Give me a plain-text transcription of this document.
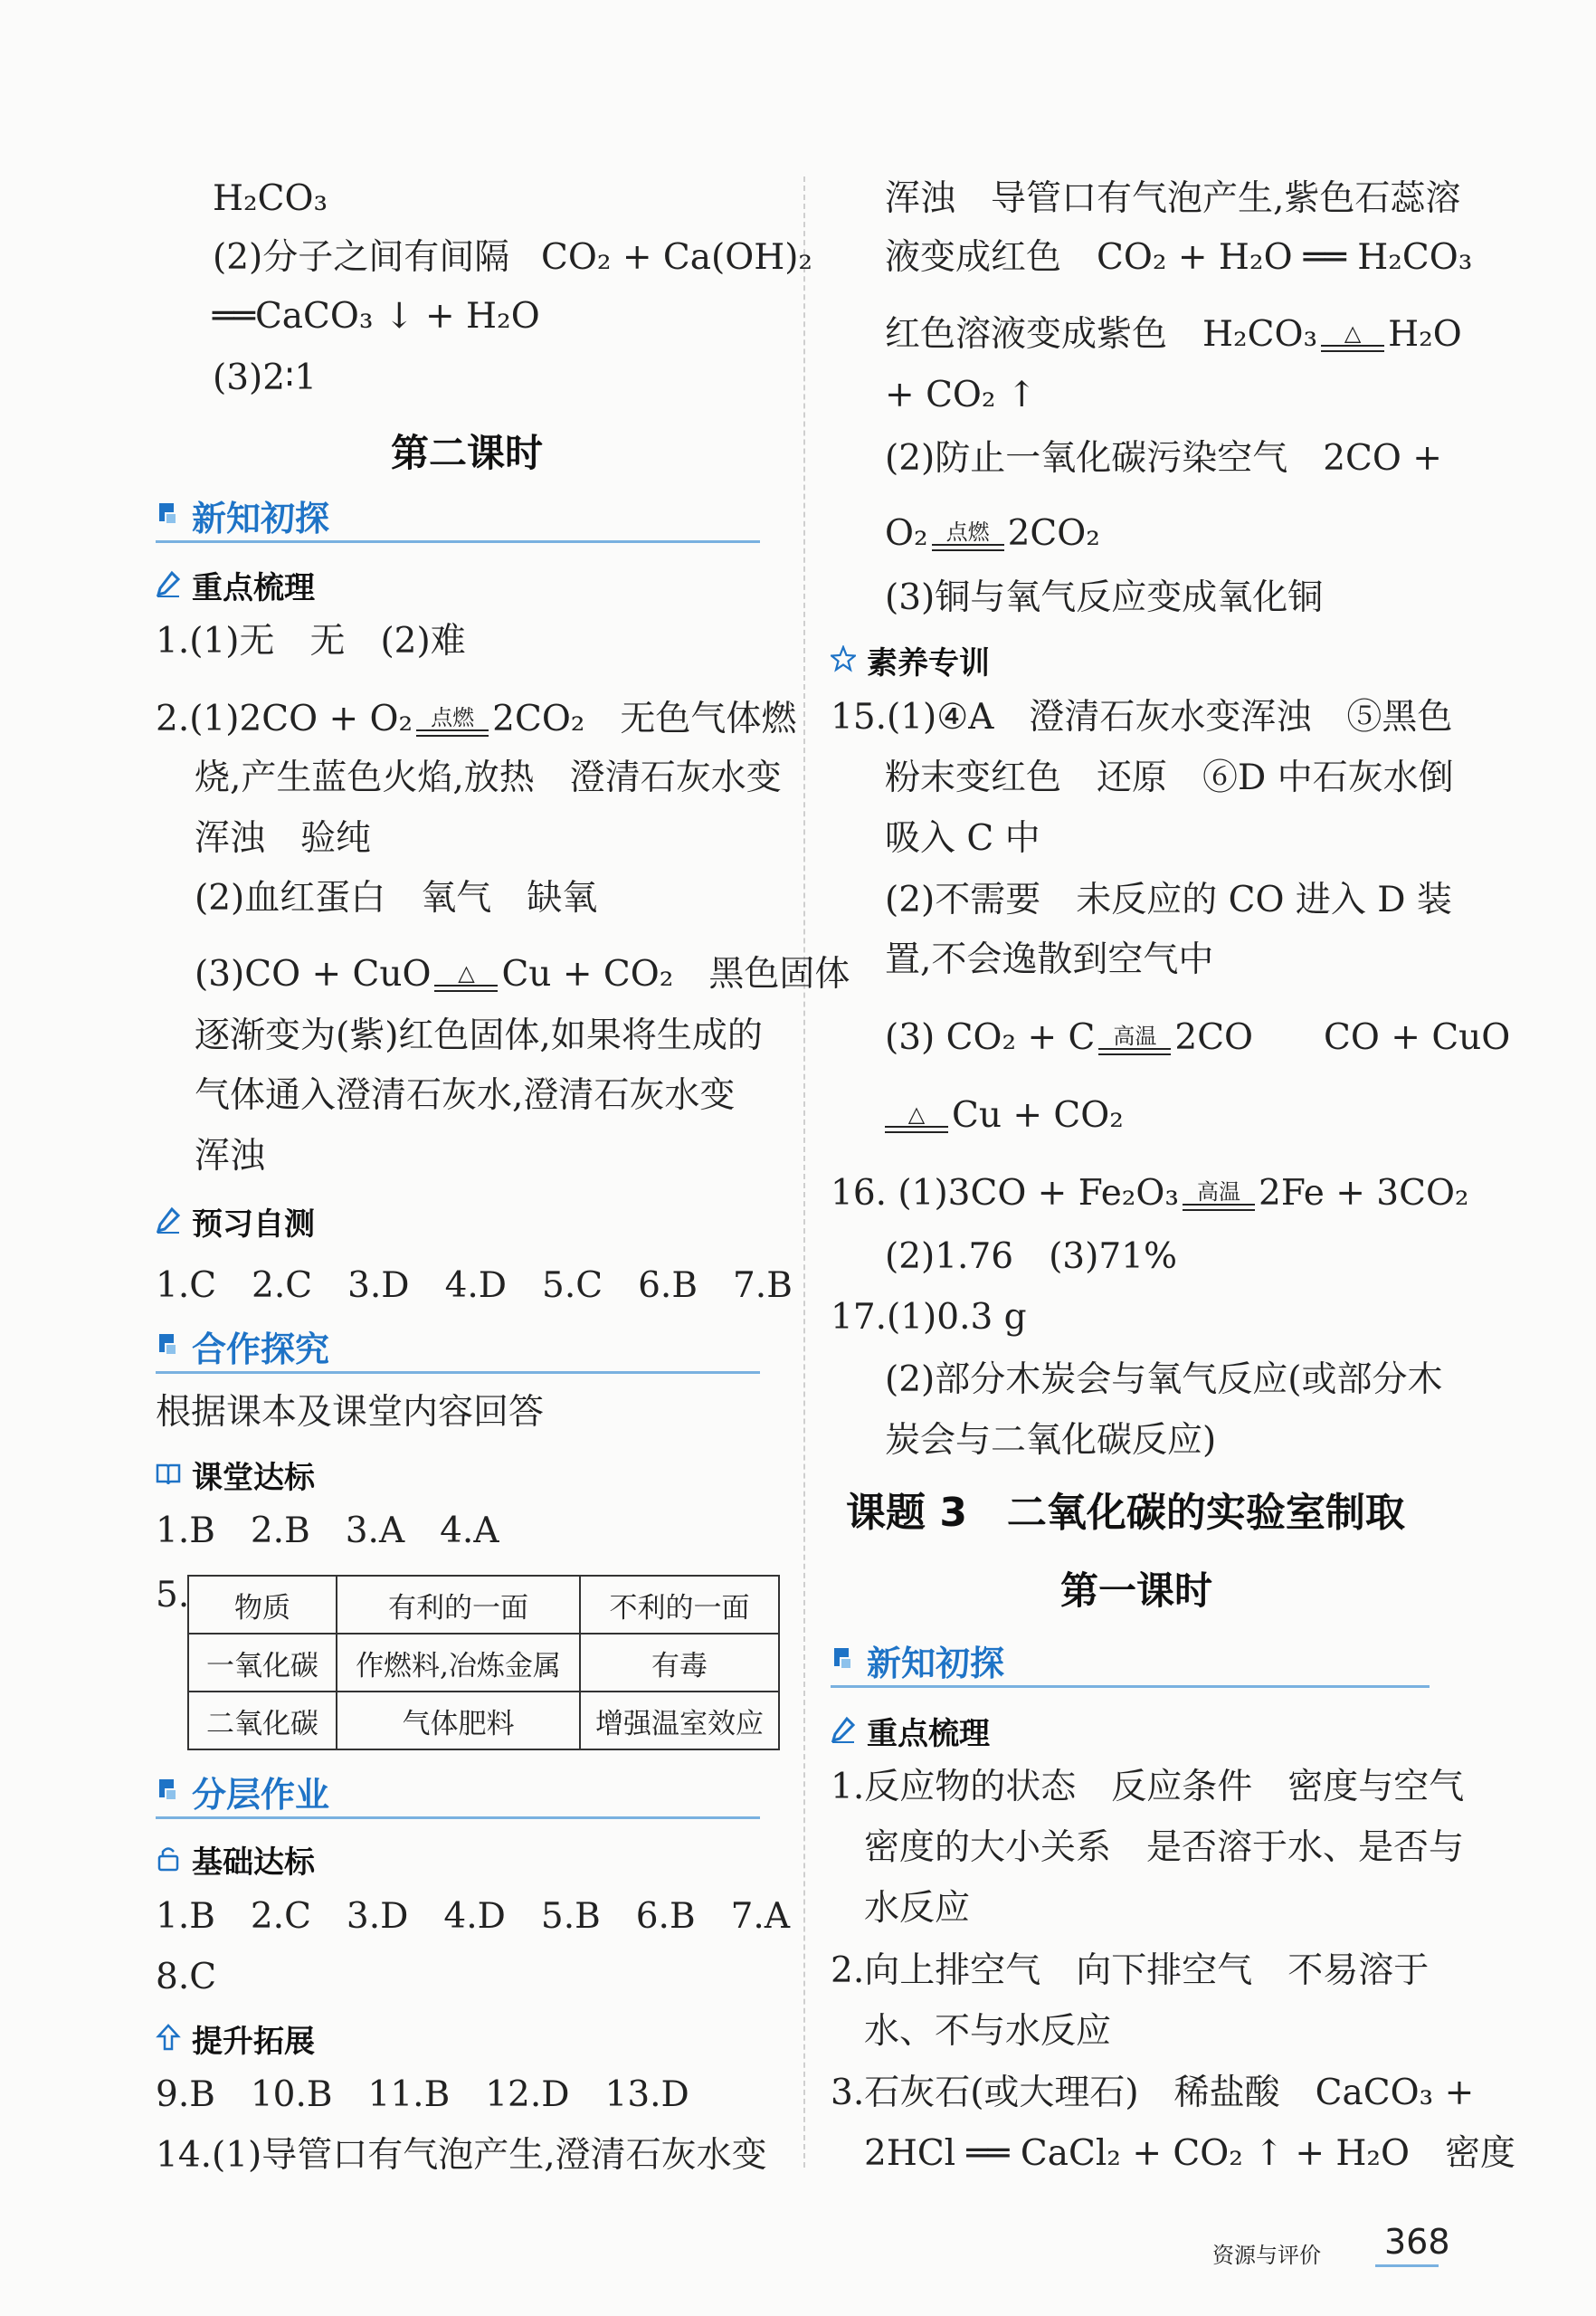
H₂CO₃
(2)分子之间有间隔 CO₂ + Ca(OH)₂
══CaCO₃ ↓ + H₂O
(3)2∶1
第二课时
新知初探
重点梳理
1.(1)无　无　(2)难
2.(1)2CO + O₂ 点燃 2CO₂　无色气体燃
烧,产生蓝色火焰,放热　澄清石灰水变
浑浊　验纯
(2)血红蛋白　氧气　缺氧
(3)CO + CuO	△ Cu + CO₂　黑色固体
逐渐变为(紫)红色固体,如果将生成的
气体通入澄清石灰水,澄清石灰水变
浑浊
预习自测
1.C　2.C　3.D　4.D　5.C　6.B　7.B
合作探究
根据课本及课堂内容回答
课堂达标
1.B　2.B　3.A　4.A
5. 物质	有利的一面	不利的一面
一氧化碳	作燃料,冶炼金属	有毒
二氧化碳	气体肥料	增强温室效应
分层作业
基础达标
1.B　2.C　3.D　4.D　5.B　6.B　7.A
8.C
提升拓展
9.B　10.B　11.B　12.D　13.D
14.(1)导管口有气泡产生,澄清石灰水变
浑浊　导管口有气泡产生,紫色石蕊溶
液变成红色　CO₂ + H₂O ══ H₂CO₃
红色溶液变成紫色　H₂CO₃	△ H₂O
+ CO₂ ↑
(2)防止一氧化碳污染空气　2CO +
O₂ 点燃 2CO₂
(3)铜与氧气反应变成氧化铜
素养专训
15.(1)④A　澄清石灰水变浑浊　⑤黑色
粉末变红色　还原　⑥D 中石灰水倒
吸入 C 中
(2)不需要　未反应的 CO 进入 D 装
置,不会逸散到空气中
(3) CO₂ + C 高温 2CO　　CO + CuO
△ Cu + CO₂
16. (1)3CO + Fe₂O₃ 高温 2Fe + 3CO₂
(2)1.76　(3)71%
17.(1)0.3 g
(2)部分木炭会与氧气反应(或部分木
炭会与二氧化碳反应)
课题 3　二氧化碳的实验室制取
第一课时
新知初探
重点梳理
1.反应物的状态　反应条件　密度与空气
密度的大小关系　是否溶于水、是否与
水反应
2.向上排空气　向下排空气　不易溶于
水、不与水反应
3.石灰石(或大理石)　稀盐酸　CaCO₃ +
2HCl ══ CaCl₂ + CO₂ ↑ + H₂O　密度
资源与评价 368
